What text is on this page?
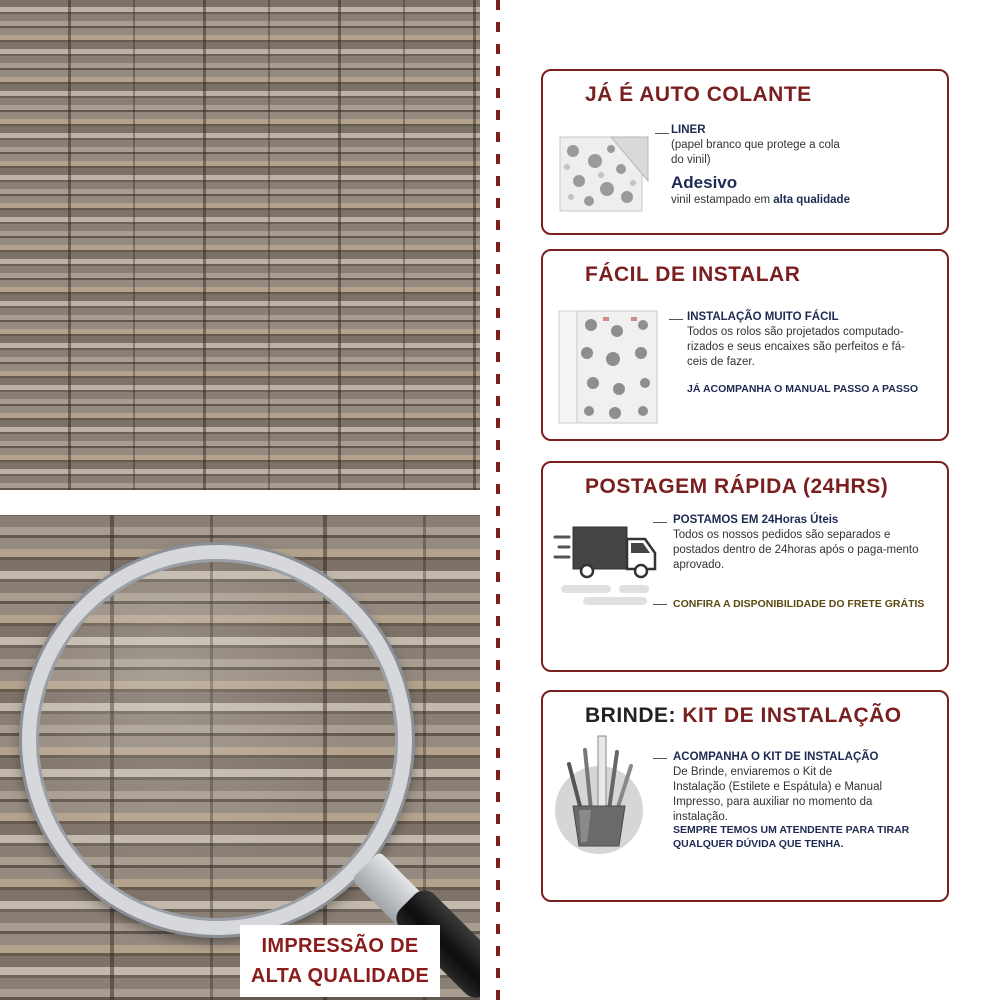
IMPRESSÃO DE
ALTA QUALIDADE
JÁ É AUTO COLANTE
LINER
(papel branco que protege a cola do vinil)
Adesivo
vinil estampado em alta qualidade
FÁCIL DE INSTALAR
INSTALAÇÃO MUITO FÁCIL
Todos os rolos são projetados computado-rizados e seus encaixes são perfeitos e fá-ceis de fazer.
JÁ ACOMPANHA O MANUAL PASSO A PASSO
POSTAGEM RÁPIDA (24HRS)
POSTAMOS EM 24Horas Úteis
Todos os nossos pedidos são separados e postados dentro de 24horas após o paga-mento aprovado.
CONFIRA A DISPONIBILIDADE DO FRETE GRÁTIS
BRINDE: KIT DE INSTALAÇÃO
ACOMPANHA O KIT DE INSTALAÇÃO
De Brinde, enviaremos o Kit de Instalação (Estilete e Espátula) e Manual Impresso, para auxiliar no momento da instalação.
SEMPRE TEMOS UM ATENDENTE PARA TIRAR
QUALQUER DÚVIDA QUE TENHA.
